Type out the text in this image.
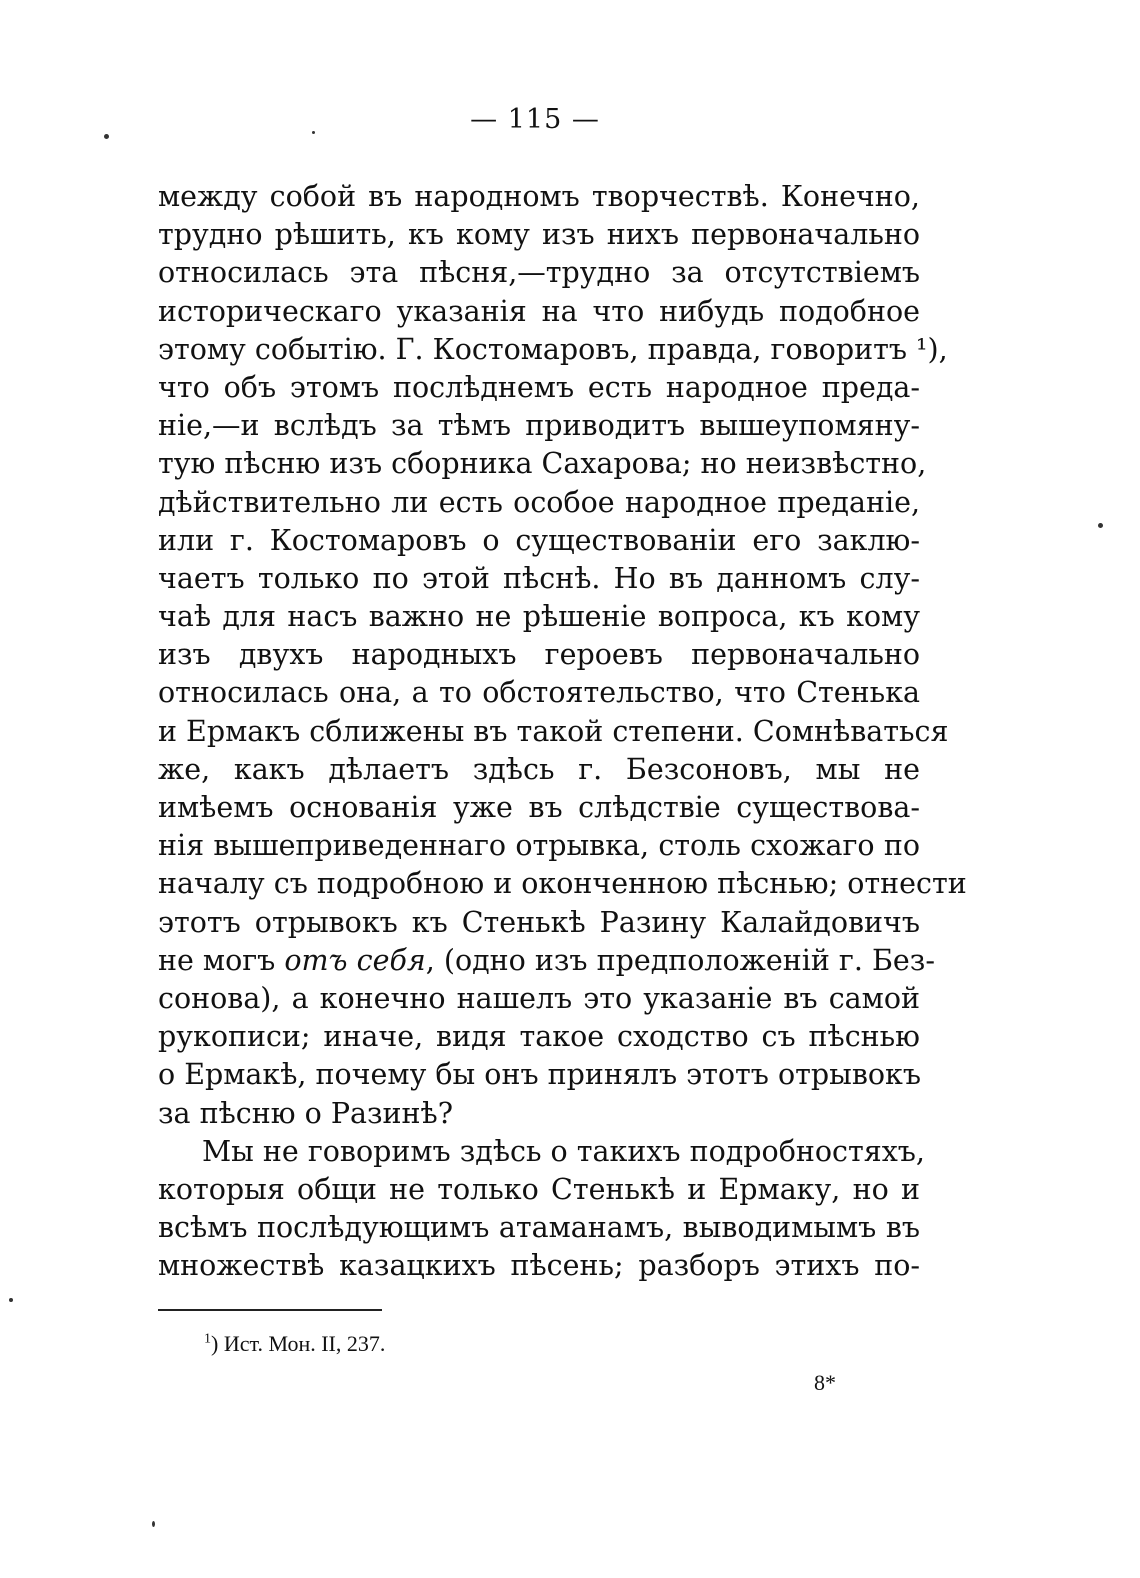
— 115 —
между собой въ народномъ творчествѣ. Конечно,
трудно рѣшить, къ кому изъ нихъ первоначально
относилась эта пѣсня,—трудно за отсутствіемъ
историческаго указанія на что нибудь подобное
этому событію. Г. Костомаровъ, правда, говоритъ ¹),
что объ этомъ послѣднемъ есть народное преда-
ніе,—и вслѣдъ за тѣмъ приводитъ вышеупомяну-
тую пѣсню изъ сборника Сахарова; но неизвѣстно,
дѣйствительно ли есть особое народное преданіе,
или г. Костомаровъ о существованіи его заклю-
чаетъ только по этой пѣснѣ. Но въ данномъ слу-
чаѣ для насъ важно не рѣшеніе вопроса, къ кому
изъ двухъ народныхъ героевъ первоначально
относилась она, а то обстоятельство, что Стенька
и Ермакъ сближены въ такой степени. Сомнѣваться
же, какъ дѣлаетъ здѣсь г. Безсоновъ, мы не
имѣемъ основанія уже въ слѣдствіе существова-
нія вышеприведеннаго отрывка, столь схожаго по
началу съ подробною и оконченною пѣснью; отнести
этотъ отрывокъ къ Стенькѣ Разину Калайдовичъ
не могъ отъ себя, (одно изъ предположеній г. Без-
сонова), а конечно нашелъ это указаніе въ самой
рукописи; иначе, видя такое сходство съ пѣснью
о Ермакѣ, почему бы онъ принялъ этотъ отрывокъ
за пѣсню о Разинѣ?
Мы не говоримъ здѣсь о такихъ подробностяхъ,
которыя общи не только Стенькѣ и Ермаку, но и
всѣмъ послѣдующимъ атаманамъ, выводимымъ въ
множествѣ казацкихъ пѣсень; разборъ этихъ по-
$^1$) Ист. Мон. II, 237.
8*
